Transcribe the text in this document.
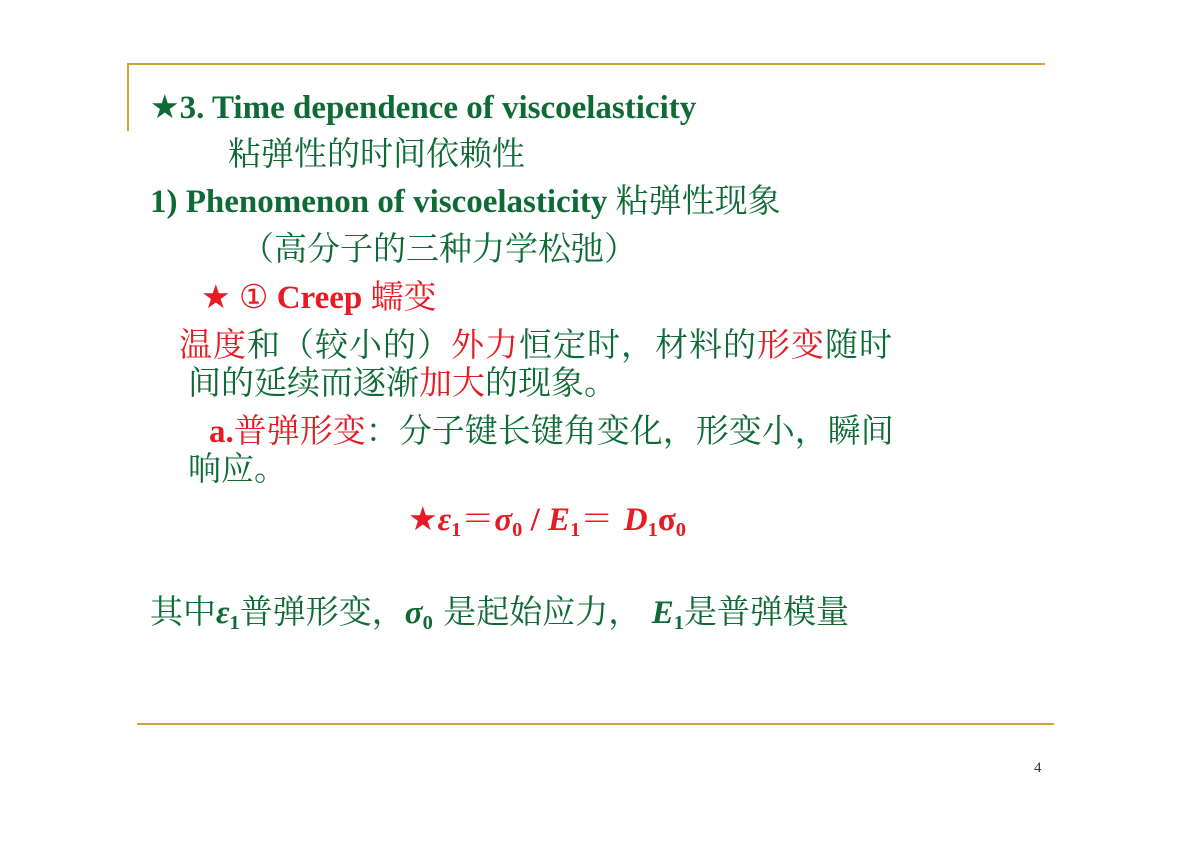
★3. Time dependence of viscoelasticity
粘弹性的时间依赖性
1) Phenomenon of viscoelasticity 粘弹性现象
（高分子的三种力学松弛）
★ ① Creep 蠕变
温度和（较小的）外力恒定时，材料的形变随时
间的延续而逐渐加大的现象。
a.普弹形变：分子键长键角变化，形变小，瞬间
响应。
$★\varepsilon_1=\sigma_0 / E_1= D_1\sigma_0$
其中$\varepsilon_1$普弹形变，$\sigma_0$ 是起始应力， $E_1$是普弹模量
4
